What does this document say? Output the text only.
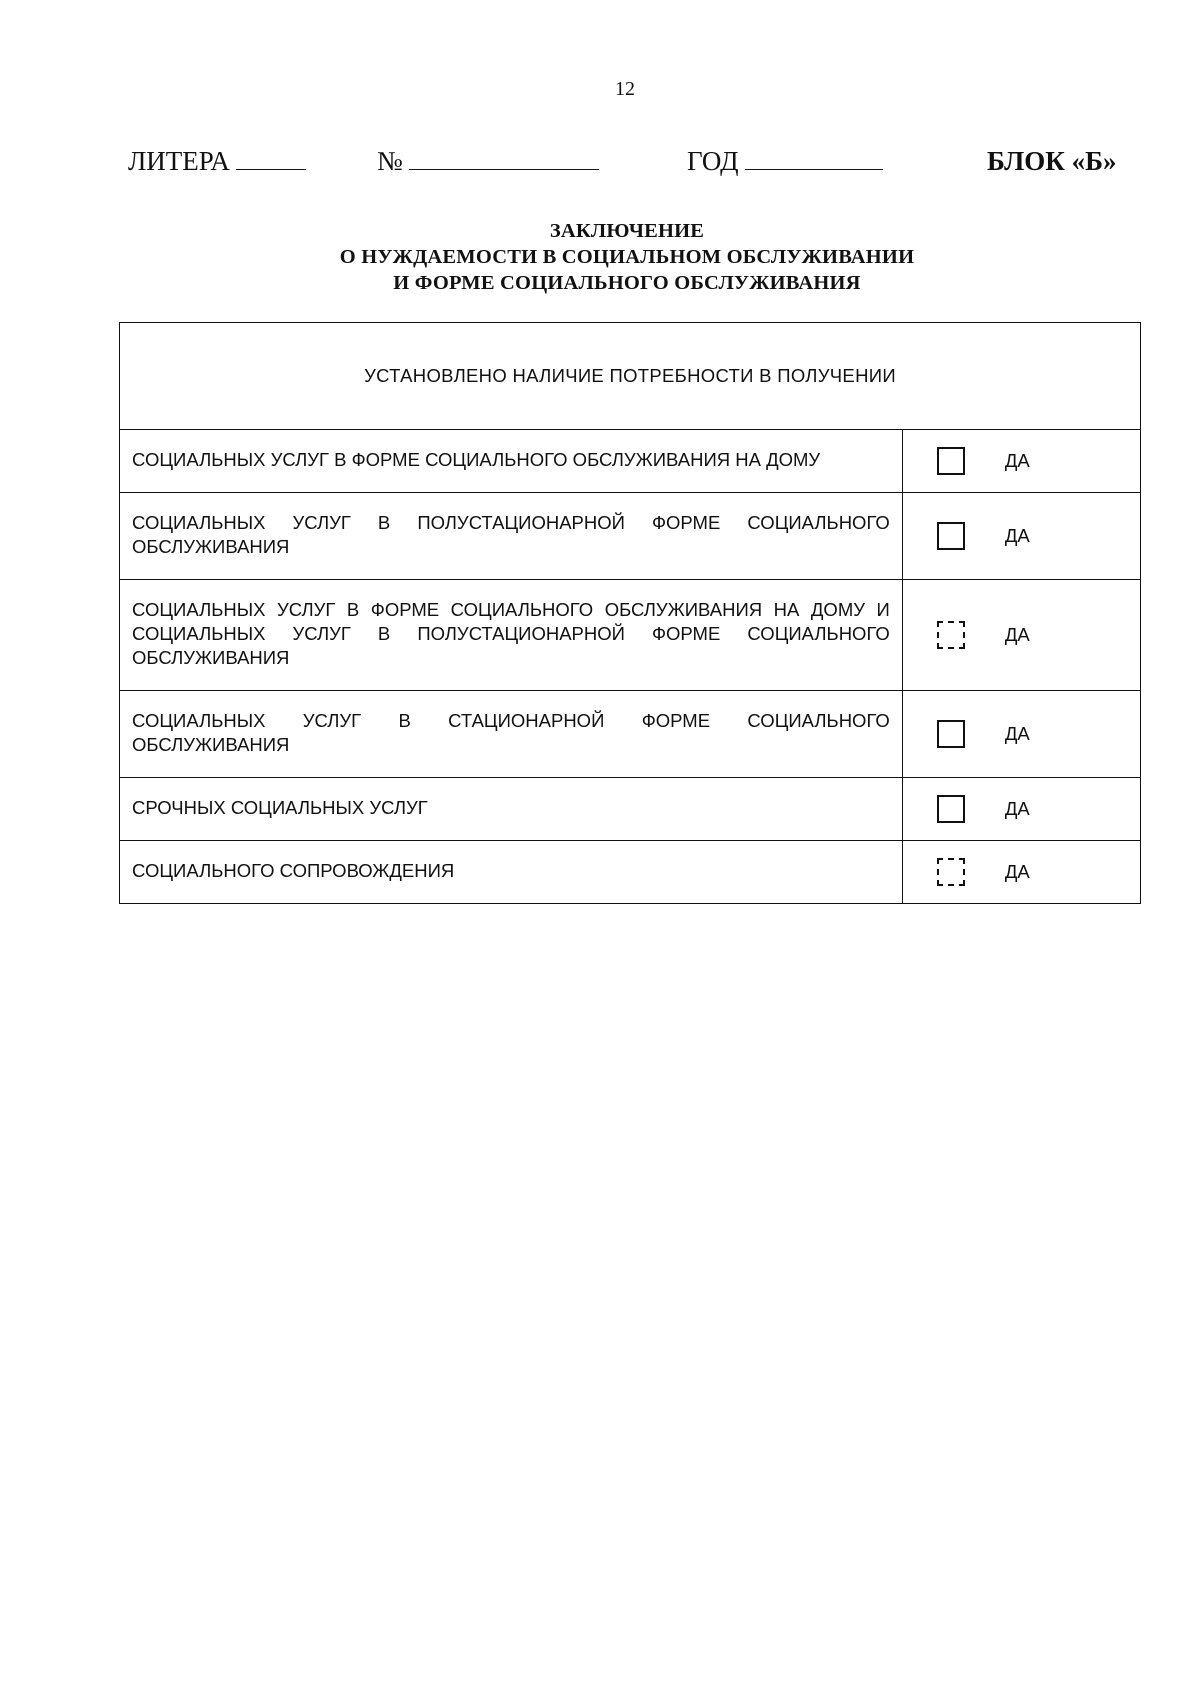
12
ЛИТЕРА	№	ГОД	БЛОК «Б»
ЗАКЛЮЧЕНИЕ
О НУЖДАЕМОСТИ В СОЦИАЛЬНОМ ОБСЛУЖИВАНИИ
И ФОРМЕ СОЦИАЛЬНОГО ОБСЛУЖИВАНИЯ
УСТАНОВЛЕНО НАЛИЧИЕ ПОТРЕБНОСТИ В ПОЛУЧЕНИИ	
СОЦИАЛЬНЫХ УСЛУГ В ФОРМЕ СОЦИАЛЬНОГО ОБСЛУЖИВАНИЯ НА ДОМУ	ДА

СОЦИАЛЬНЫХ УСЛУГ В ПОЛУСТАЦИОНАРНОЙ ФОРМЕ СОЦИАЛЬНОГО ОБСЛУЖИВАНИЯ	ДА

СОЦИАЛЬНЫХ УСЛУГ В ФОРМЕ СОЦИАЛЬНОГО ОБСЛУЖИВАНИЯ НА ДОМУ И СОЦИАЛЬНЫХ УСЛУГ В ПОЛУСТАЦИОНАРНОЙ ФОРМЕ СОЦИАЛЬНОГО ОБСЛУЖИВАНИЯ	ДА

СОЦИАЛЬНЫХ УСЛУГ В СТАЦИОНАРНОЙ ФОРМЕ СОЦИАЛЬНОГО ОБСЛУЖИВАНИЯ	ДА

СРОЧНЫХ СОЦИАЛЬНЫХ УСЛУГ	ДА

СОЦИАЛЬНОГО СОПРОВОЖДЕНИЯ	ДА
